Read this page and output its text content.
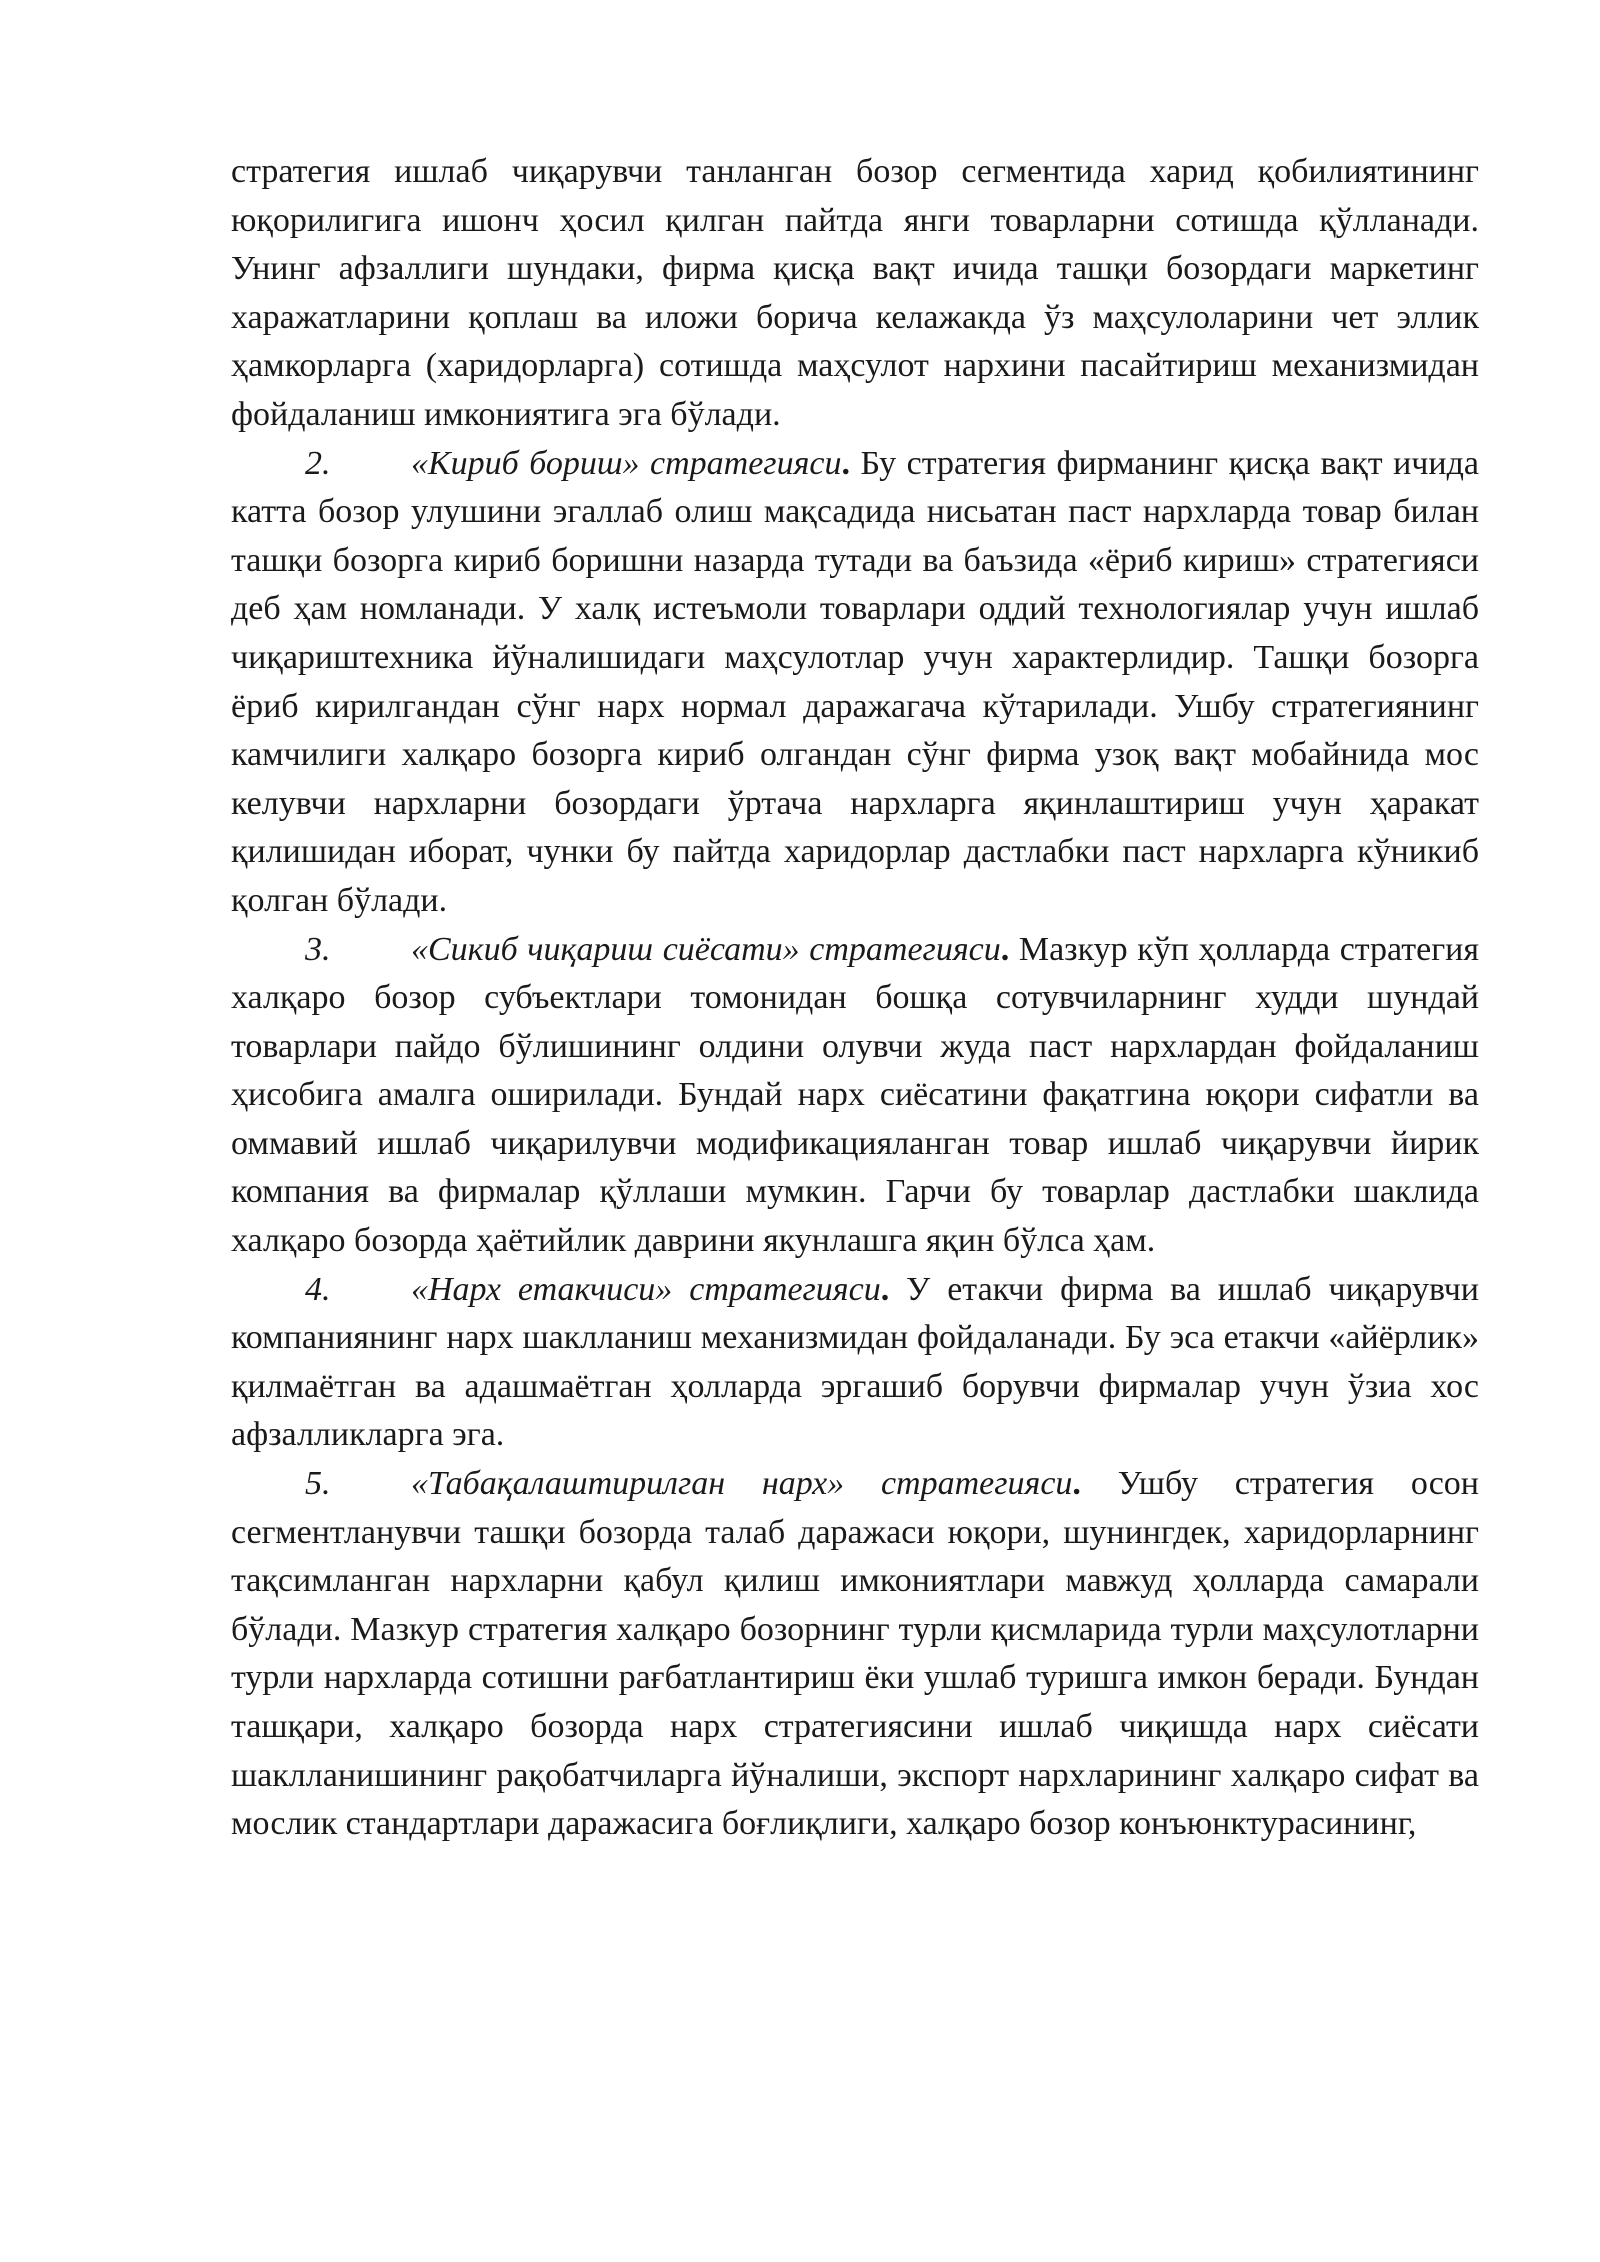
стратегия ишлаб чиқарувчи танланган бозор сегментида харид қобилиятининг юқорилигига ишонч ҳосил қилган пайтда янги товарларни сотишда қўлланади. Унинг афзаллиги шундаки, фирма қисқа вақт ичида ташқи бозордаги маркетинг харажатларини қоплаш ва иложи борича келажакда ўз маҳсулоларини чет эллик ҳамкорларга (харидорларга) сотишда маҳсулот нархини пасайтириш механизмидан фойдаланиш имкониятига эга бўлади.

2. «Кириб бориш» стратегияси. Бу стратегия фирманинг қисқа вақт ичида катта бозор улушини эгаллаб олиш мақсадида нисьатан паст нархларда товар билан ташқи бозорга кириб боришни назарда тутади ва баъзида «ёриб кириш» стратегияси деб ҳам номланади. У халқ истеъмоли товарлари оддий технологиялар учун ишлаб чиқариштехника йўналишидаги маҳсулотлар учун характерлидир. Ташқи бозорга ёриб кирилгандан сўнг нарх нормал даражагача кўтарилади. Ушбу стратегиянинг камчилиги халқаро бозорга кириб олгандан сўнг фирма узоқ вақт мобайнида мос келувчи нархларни бозордаги ўртача нархларга яқинлаштириш учун ҳаракат қилишидан иборат, чунки бу пайтда харидорлар дастлабки паст нархларга кўникиб қолган бўлади.

3. «Сикиб чиқариш сиёсати» стратегияси. Мазкур кўп ҳолларда стратегия халқаро бозор субъектлари томонидан бошқа сотувчиларнинг худди шундай товарлари пайдо бўлишининг олдини олувчи жуда паст нархлардан фойдаланиш ҳисобига амалга оширилади. Бундай нарх сиёсатини фақатгина юқори сифатли ва оммавий ишлаб чиқарилувчи модификацияланган товар ишлаб чиқарувчи йирик компания ва фирмалар қўллаши мумкин. Гарчи бу товарлар дастлабки шаклида халқаро бозорда ҳаётийлик даврини якунлашга яқин бўлса ҳам.

4. «Нарх етакчиси» стратегияси. У етакчи фирма ва ишлаб чиқарувчи компаниянинг нарх шаклланиш механизмидан фойдаланади. Бу эса етакчи «айёрлик» қилмаётган ва адашмаётган ҳолларда эргашиб борувчи фирмалар учун ўзиа хос афзалликларга эга.

5. «Табақалаштирилган нарх» стратегияси. Ушбу стратегия осон сегментланувчи ташқи бозорда талаб даражаси юқори, шунингдек, харидорларнинг тақсимланган нархларни қабул қилиш имкониятлари мавжуд ҳолларда самарали бўлади. Мазкур стратегия халқаро бозорнинг турли қисмларида турли маҳсулотларни турли нархларда сотишни рағбатлантириш ёки ушлаб туришга имкон беради. Бундан ташқари, халқаро бозорда нарх стратегиясини ишлаб чиқишда нарх сиёсати шаклланишининг рақобатчиларга йўналиши, экспорт нархларининг халқаро сифат ва мослик стандартлари даражасига боғлиқлиги, халқаро бозор конъюнктурасининг,
